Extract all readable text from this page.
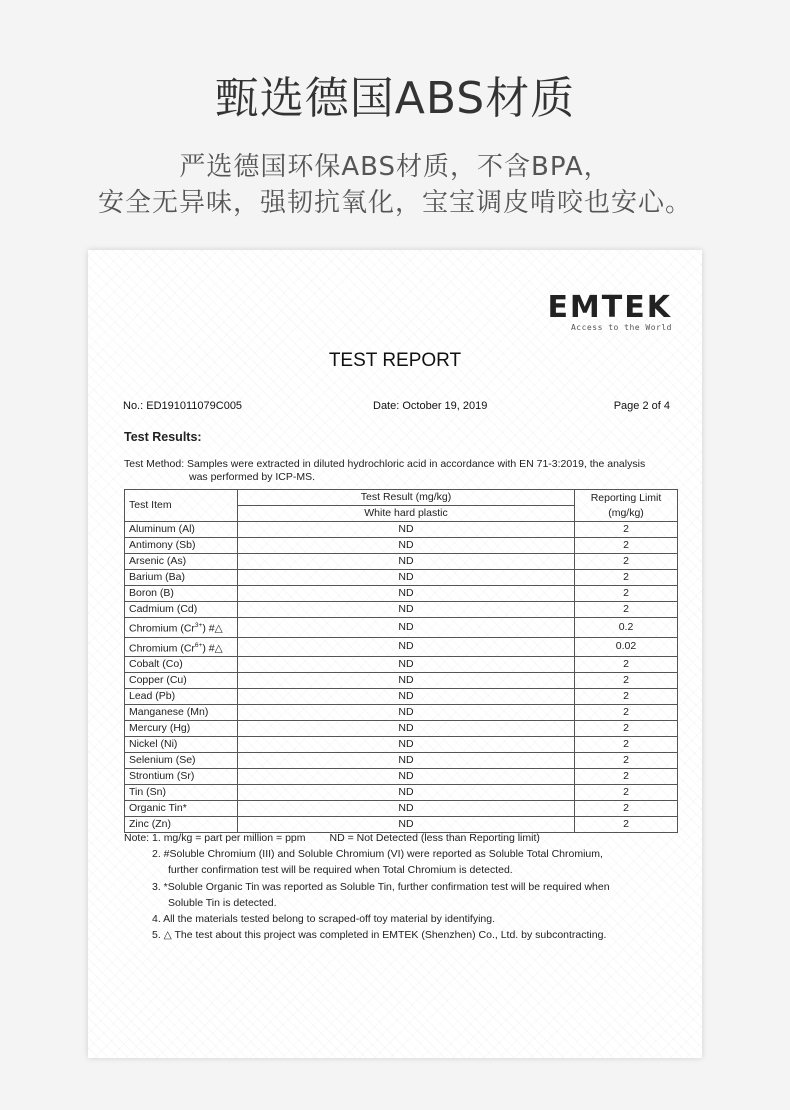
甄选德国ABS材质
严选德国环保ABS材质，不含BPA，
安全无异味，强韧抗氧化，宝宝调皮啃咬也安心。
EMTEK
Access to the World
TEST REPORT
No.: ED191011079C005	Date: October 19, 2019	Page 2 of 4
Test Results:
Test Method: Samples were extracted in diluted hydrochloric acid in accordance with EN 71-3:2019, the analysis
was performed by ICP-MS.
Test Item	Test Result (mg/kg)	Reporting Limit
(mg/kg)

	White hard plastic	
Aluminum (Al)	ND	2
Antimony (Sb)	ND	2
Arsenic (As)	ND	2
Barium (Ba)	ND	2
Boron (B)	ND	2
Cadmium (Cd)	ND	2
Chromium $(Cr^{3+})$ #△	ND	0.2
Chromium $(Cr^{6+})$ #△	ND	0.02
Cobalt (Co)	ND	2
Copper (Cu)	ND	2
Lead (Pb)	ND	2
Manganese (Mn)	ND	2
Mercury (Hg)	ND	2
Nickel (Ni)	ND	2
Selenium (Se)	ND	2
Strontium (Sr)	ND	2
Tin (Sn)	ND	2
Organic Tin*	ND	2
Zinc (Zn)	ND	2
Note: 1. mg/kg = part per million = ppm ND = Not Detected (less than Reporting limit)
2. #Soluble Chromium (III) and Soluble Chromium (VI) were reported as Soluble Total Chromium,
further confirmation test will be required when Total Chromium is detected.
3. *Soluble Organic Tin was reported as Soluble Tin, further confirmation test will be required when
Soluble Tin is detected.
4. All the materials tested belong to scraped-off toy material by identifying.
5. △ The test about this project was completed in EMTEK (Shenzhen) Co., Ltd. by subcontracting.
